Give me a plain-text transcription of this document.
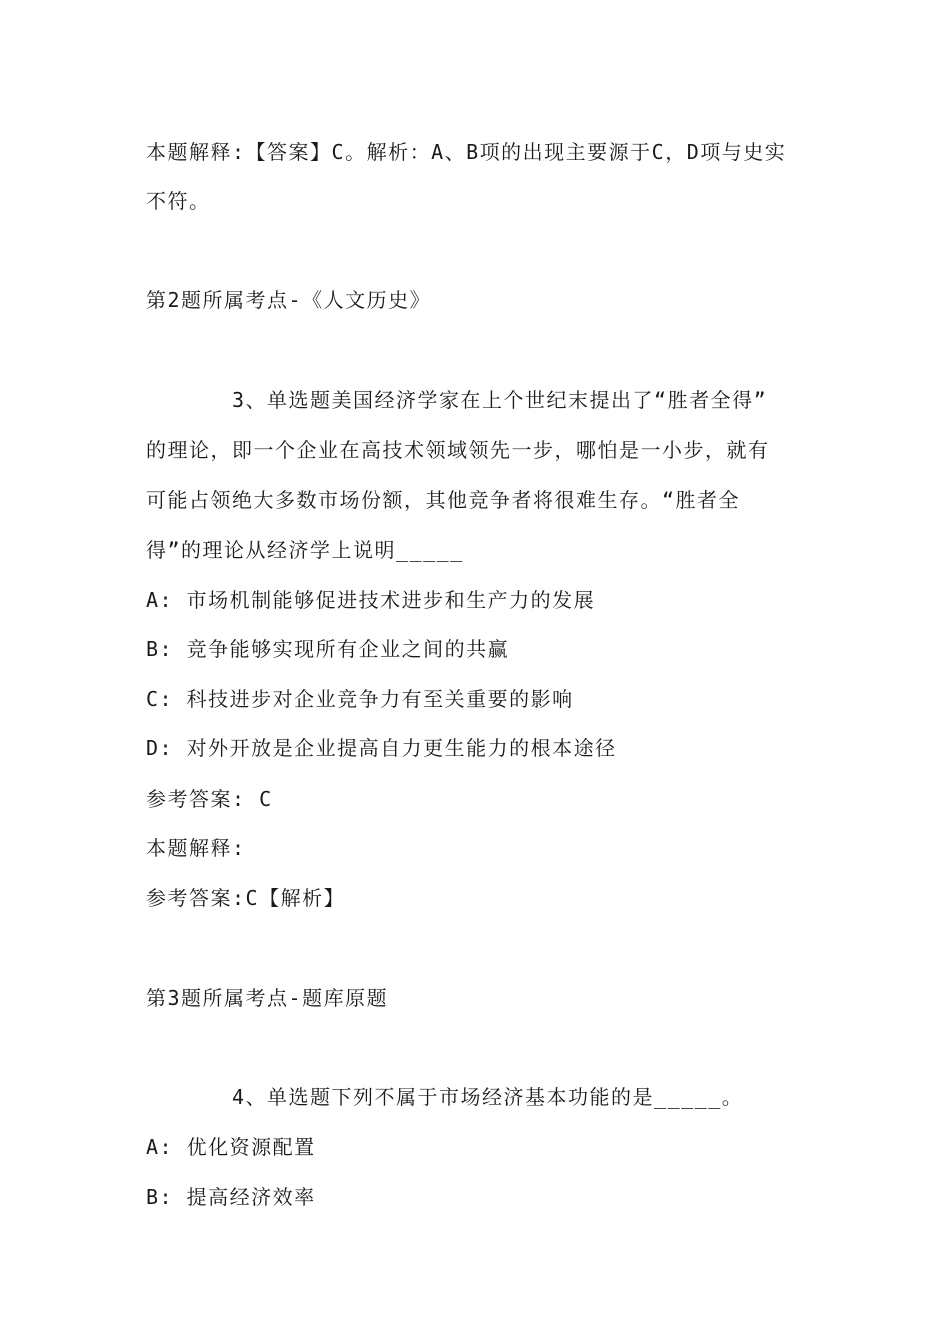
本题解释:【答案】C。解析：A、B项的出现主要源于C，D项与史实
不符。
第2题所属考点-《人文历史》
3、单选题美国经济学家在上个世纪末提出了“胜者全得”
的理论，即一个企业在高技术领域领先一步，哪怕是一小步，就有
可能占领绝大多数市场份额，其他竞争者将很难生存。“胜者全
得”的理论从经济学上说明_____
A: 市场机制能够促进技术进步和生产力的发展
B: 竞争能够实现所有企业之间的共赢
C: 科技进步对企业竞争力有至关重要的影响
D: 对外开放是企业提高自力更生能力的根本途径
参考答案: C
本题解释:
参考答案:C【解析】
第3题所属考点-题库原题
4、单选题下列不属于市场经济基本功能的是_____。
A: 优化资源配置
B: 提高经济效率
